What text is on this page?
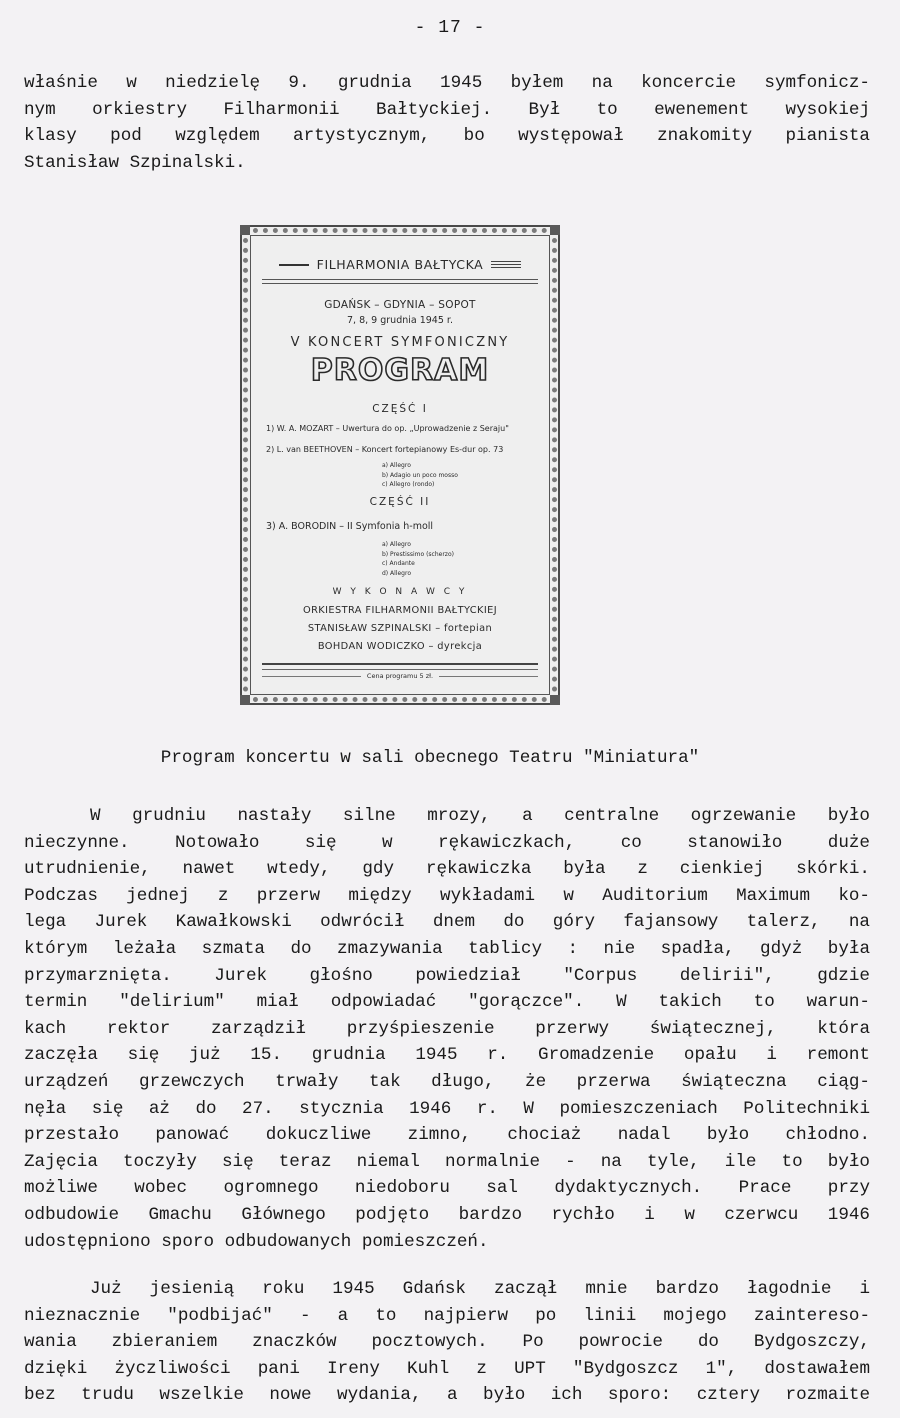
- 17 -
właśnie w niedzielę 9. grudnia 1945 byłem na koncercie symfonicz-
nym orkiestry Filharmonii Bałtyckiej. Był to ewenement wysokiej
klasy pod względem artystycznym, bo występował znakomity pianista
Stanisław Szpinalski.
FILHARMONIA BAŁTYCKA
GDAŃSK – GDYNIA – SOPOT
7, 8, 9 grudnia 1945 r.
V KONCERT SYMFONICZNY
PROGRAM
CZĘŚĆ I
1) W. A. MOZART – Uwertura do op. „Uprowadzenie z Seraju"
2) L. van BEETHOVEN – Koncert fortepianowy Es-dur op. 73
a) Allegro
b) Adagio un poco mosso
c) Allegro (rondo)
CZĘŚĆ II
3) A. BORODIN – II Symfonia h-moll
a) Allegro
b) Prestissimo (scherzo)
c) Andante
d) Allegro
W Y K O N A W C Y
ORKIESTRA FILHARMONII BAŁTYCKIEJ
STANISŁAW SZPINALSKI – fortepian
BOHDAN WODICZKO – dyrekcja
Cena programu 5 zł.
Program koncertu w sali obecnego Teatru "Miniatura"
W grudniu nastały silne mrozy, a centralne ogrzewanie było
nieczynne. Notowało się w rękawiczkach, co stanowiło duże
utrudnienie, nawet wtedy, gdy rękawiczka była z cienkiej skórki.
Podczas jednej z przerw między wykładami w Auditorium Maximum ko-
lega Jurek Kawałkowski odwrócił dnem do góry fajansowy talerz, na
którym leżała szmata do zmazywania tablicy : nie spadła, gdyż była
przymarznięta. Jurek głośno powiedział "Corpus delirii", gdzie
termin "delirium" miał odpowiadać "gorączce". W takich to warun-
kach rektor zarządził przyśpieszenie przerwy świątecznej, która
zaczęła się już 15. grudnia 1945 r. Gromadzenie opału i remont
urządzeń grzewczych trwały tak długo, że przerwa świąteczna ciąg-
nęła się aż do 27. stycznia 1946 r. W pomieszczeniach Politechniki
przestało panować dokuczliwe zimno, chociaż nadal było chłodno.
Zajęcia toczyły się teraz niemal normalnie - na tyle, ile to było
możliwe wobec ogromnego niedoboru sal dydaktycznych. Prace przy
odbudowie Gmachu Głównego podjęto bardzo rychło i w czerwcu 1946
udostępniono sporo odbudowanych pomieszczeń.
Już jesienią roku 1945 Gdańsk zaczął mnie bardzo łagodnie i
nieznacznie "podbijać" - a to najpierw po linii mojego zaintereso-
wania zbieraniem znaczków pocztowych. Po powrocie do Bydgoszczy,
dzięki życzliwości pani Ireny Kuhl z UPT "Bydgoszcz 1", dostawałem
bez trudu wszelkie nowe wydania, a było ich sporo: cztery rozmaite
